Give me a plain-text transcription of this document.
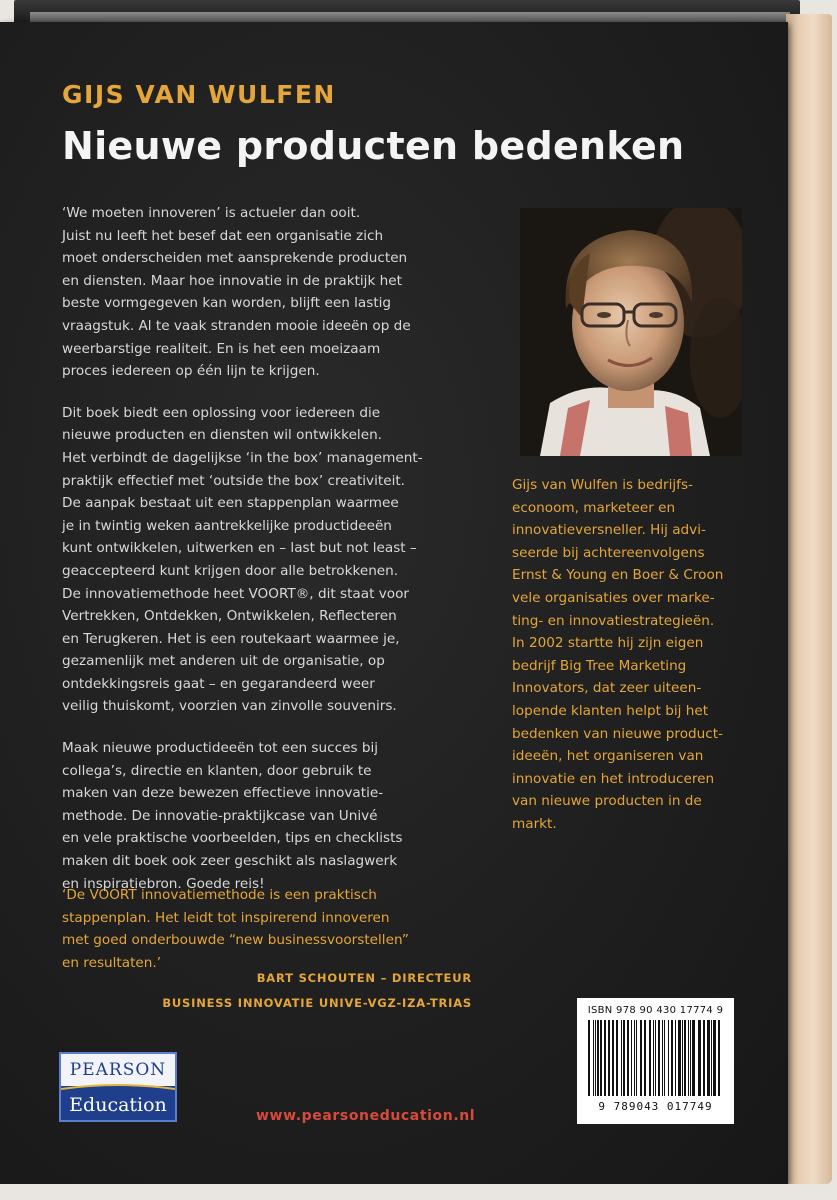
GIJS VAN WULFEN
Nieuwe producten bedenken

‘We moeten innoveren’ is actueler dan ooit.
Juist nu leeft het besef dat een organisatie zich
moet onderscheiden met aansprekende producten
en diensten. Maar hoe innovatie in de praktijk het
beste vormgegeven kan worden, blijft een lastig
vraagstuk. Al te vaak stranden mooie ideeën op de
weerbarstige realiteit. En is het een moeizaam
proces iedereen op één lijn te krijgen.

Dit boek biedt een oplossing voor iedereen die
nieuwe producten en diensten wil ontwikkelen.
Het verbindt de dagelijkse ‘in the box’ management-
praktijk effectief met ‘outside the box’ creativiteit.
De aanpak bestaat uit een stappenplan waarmee
je in twintig weken aantrekkelijke productideeën
kunt ontwikkelen, uitwerken en – last but not least –
geaccepteerd kunt krijgen door alle betrokkenen.
De innovatiemethode heet VOORT®, dit staat voor
Vertrekken, Ontdekken, Ontwikkelen, Reflecteren
en Terugkeren. Het is een routekaart waarmee je,
gezamenlijk met anderen uit de organisatie, op
ontdekkingsreis gaat – en gegarandeerd weer
veilig thuiskomt, voorzien van zinvolle souvenirs.

Maak nieuwe productideeën tot een succes bij
collega’s, directie en klanten, door gebruik te
maken van deze bewezen effectieve innovatie-
methode. De innovatie-praktijkcase van Univé
en vele praktische voorbeelden, tips en checklists
maken dit boek ook zeer geschikt als naslagwerk
en inspiratiebron. Goede reis!

‘De VOORT innovatiemethode is een praktisch
stappenplan. Het leidt tot inspirerend innoveren
met goed onderbouwde “new businessvoorstellen”
en resultaten.’
BART SCHOUTEN – DIRECTEUR
BUSINESS INNOVATIE UNIVE-VGZ-IZA-TRIAS
Gijs van Wulfen is bedrijfs-
econoom, marketeer en
innovatieversneller. Hij advi-
seerde bij achtereenvolgens
Ernst & Young en Boer & Croon
vele organisaties over marke-
ting- en innovatiestrategieën.
In 2002 startte hij zijn eigen
bedrijf Big Tree Marketing
Innovators, dat zeer uiteen-
lopende klanten helpt bij het
bedenken van nieuwe product-
ideeën, het organiseren van
innovatie en het introduceren
van nieuwe producten in de
markt.
ISBN 978 90 430 17774 9
9 789043 017749
PEARSON
Education	www.pearsoneducation.nl
